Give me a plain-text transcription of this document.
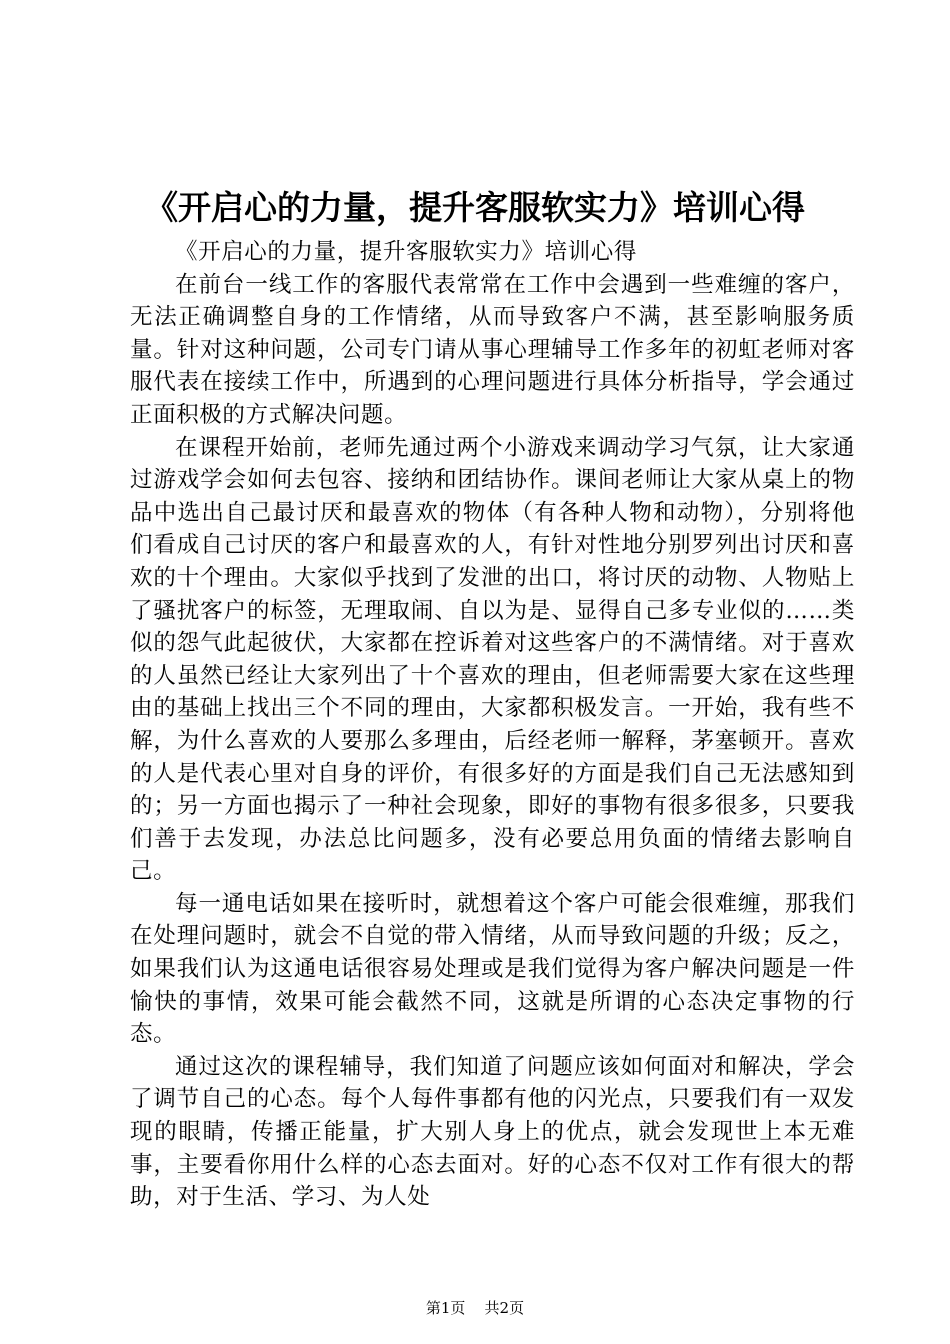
《开启心的力量，提升客服软实力》培训心得

《开启心的力量，提升客服软实力》培训心得

在前台一线工作的客服代表常常在工作中会遇到一些难缠的客户，无法正确调整自身的工作情绪，从而导致客户不满，甚至影响服务质量。针对这种问题，公司专门请从事心理辅导工作多年的初虹老师对客服代表在接续工作中，所遇到的心理问题进行具体分析指导，学会通过正面积极的方式解决问题。

在课程开始前，老师先通过两个小游戏来调动学习气氛，让大家通过游戏学会如何去包容、接纳和团结协作。课间老师让大家从桌上的物品中选出自己最讨厌和最喜欢的物体（有各种人物和动物），分别将他们看成自己讨厌的客户和最喜欢的人，有针对性地分别罗列出讨厌和喜欢的十个理由。大家似乎找到了发泄的出口，将讨厌的动物、人物贴上了骚扰客户的标签，无理取闹、自以为是、显得自己多专业似的……类似的怨气此起彼伏，大家都在控诉着对这些客户的不满情绪。对于喜欢的人虽然已经让大家列出了十个喜欢的理由，但老师需要大家在这些理由的基础上找出三个不同的理由，大家都积极发言。一开始，我有些不解，为什么喜欢的人要那么多理由，后经老师一解释，茅塞顿开。喜欢的人是代表心里对自身的评价，有很多好的方面是我们自己无法感知到的；另一方面也揭示了一种社会现象，即好的事物有很多很多，只要我们善于去发现，办法总比问题多，没有必要总用负面的情绪去影响自己。

每一通电话如果在接听时，就想着这个客户可能会很难缠，那我们在处理问题时，就会不自觉的带入情绪，从而导致问题的升级；反之，如果我们认为这通电话很容易处理或是我们觉得为客户解决问题是一件愉快的事情，效果可能会截然不同，这就是所谓的心态决定事物的行态。

通过这次的课程辅导，我们知道了问题应该如何面对和解决，学会了调节自己的心态。每个人每件事都有他的闪光点，只要我们有一双发现的眼睛，传播正能量，扩大别人身上的优点，就会发现世上本无难事，主要看你用什么样的心态去面对。好的心态不仅对工作有很大的帮助，对于生活、学习、为人处

第1页 共2页
